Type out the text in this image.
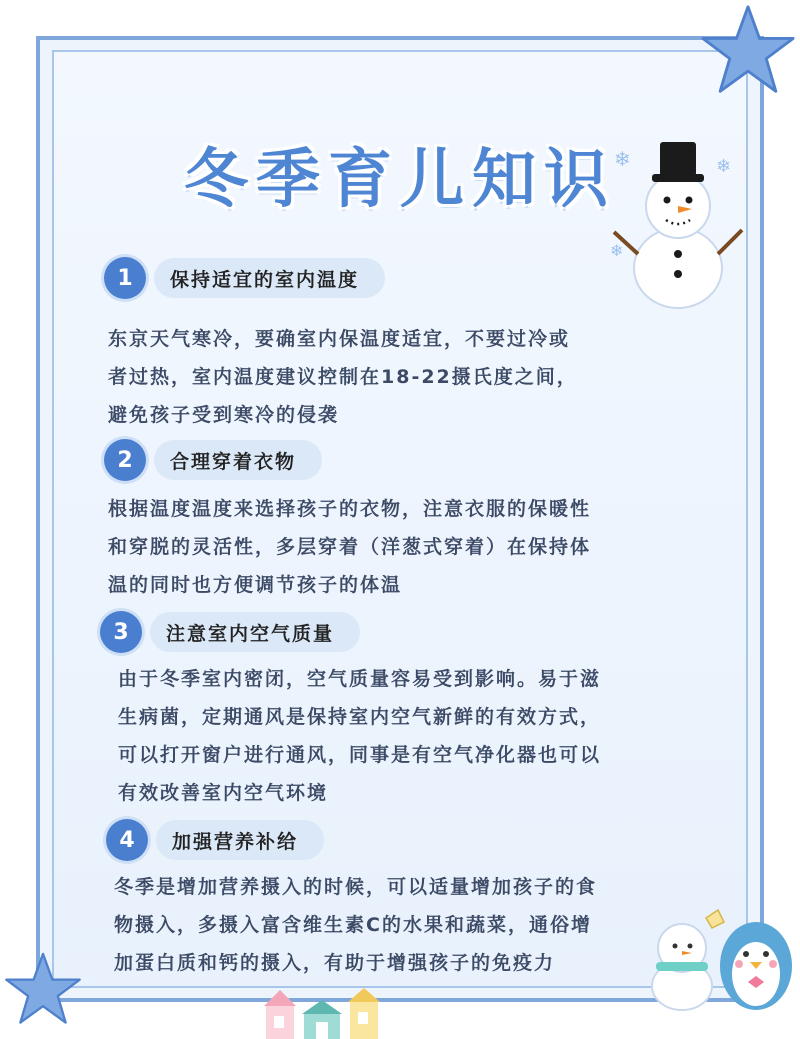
冬季育儿知识
❄	❄
❄
1	保持适宜的室内温度
东京天气寒冷，要确室内保温度适宜，不要过冷或
者过热，室内温度建议控制在18-22摄氏度之间，
避免孩子受到寒冷的侵袭
2	合理穿着衣物
根据温度温度来选择孩子的衣物，注意衣服的保暖性
和穿脱的灵活性，多层穿着（洋葱式穿着）在保持体
温的同时也方便调节孩子的体温
3	注意室内空气质量
由于冬季室内密闭，空气质量容易受到影响。易于滋
生病菌，定期通风是保持室内空气新鲜的有效方式，
可以打开窗户进行通风，同事是有空气净化器也可以
有效改善室内空气环境
4	加强营养补给
冬季是增加营养摄入的时候，可以适量增加孩子的食
物摄入，多摄入富含维生素C的水果和蔬菜，通俗增
加蛋白质和钙的摄入，有助于增强孩子的免疫力
